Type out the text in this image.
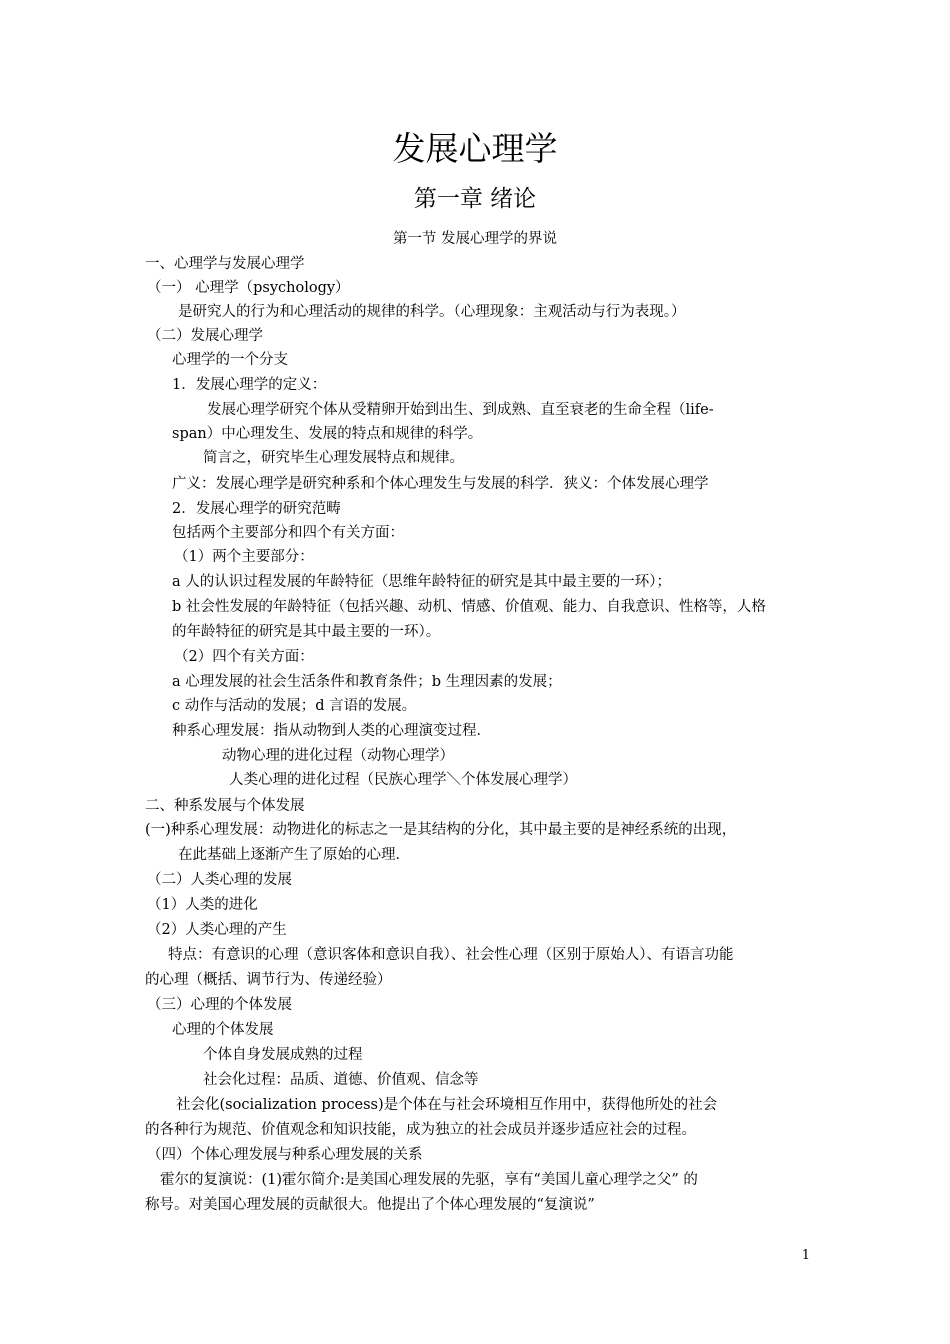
发展心理学
第一章 绪论
第一节 发展心理学的界说
一、心理学与发展心理学
（一） 心理学（psychology）
是研究人的行为和心理活动的规律的科学。（心理现象：主观活动与行为表现。）
（二）发展心理学
心理学的一个分支
1．发展心理学的定义：
发展心理学研究个体从受精卵开始到出生、到成熟、直至衰老的生命全程（life-
span）中心理发生、发展的特点和规律的科学。
简言之，研究毕生心理发展特点和规律。
广义：发展心理学是研究种系和个体心理发生与发展的科学．狭义：个体发展心理学
2．发展心理学的研究范畴
包括两个主要部分和四个有关方面：
（1）两个主要部分：
a 人的认识过程发展的年龄特征（思维年龄特征的研究是其中最主要的一环）；
b 社会性发展的年龄特征（包括兴趣、动机、情感、价值观、能力、自我意识、性格等，人格
的年龄特征的研究是其中最主要的一环）。
（2）四个有关方面：
a 心理发展的社会生活条件和教育条件；b 生理因素的发展；
c 动作与活动的发展；d 言语的发展。
种系心理发展：指从动物到人类的心理演变过程．
动物心理的进化过程（动物心理学）
人类心理的进化过程（民族心理学＼个体发展心理学）
二、种系发展与个体发展
(一)种系心理发展：动物进化的标志之一是其结构的分化，其中最主要的是神经系统的出现，
在此基础上逐渐产生了原始的心理．
（二）人类心理的发展
（1）人类的进化
（2）人类心理的产生
特点：有意识的心理（意识客体和意识自我）、社会性心理（区别于原始人）、有语言功能
的心理（概括、调节行为、传递经验）
（三）心理的个体发展
心理的个体发展
个体自身发展成熟的过程
社会化过程：品质、道德、价值观、信念等
社会化(socialization process)是个体在与社会环境相互作用中，获得他所处的社会
的各种行为规范、价值观念和知识技能，成为独立的社会成员并逐步适应社会的过程。
（四）个体心理发展与种系心理发展的关系
霍尔的复演说：(1)霍尔简介:是美国心理发展的先驱，享有“美国儿童心理学之父” 的
称号。对美国心理发展的贡献很大。他提出了个体心理发展的“复演说”
1
